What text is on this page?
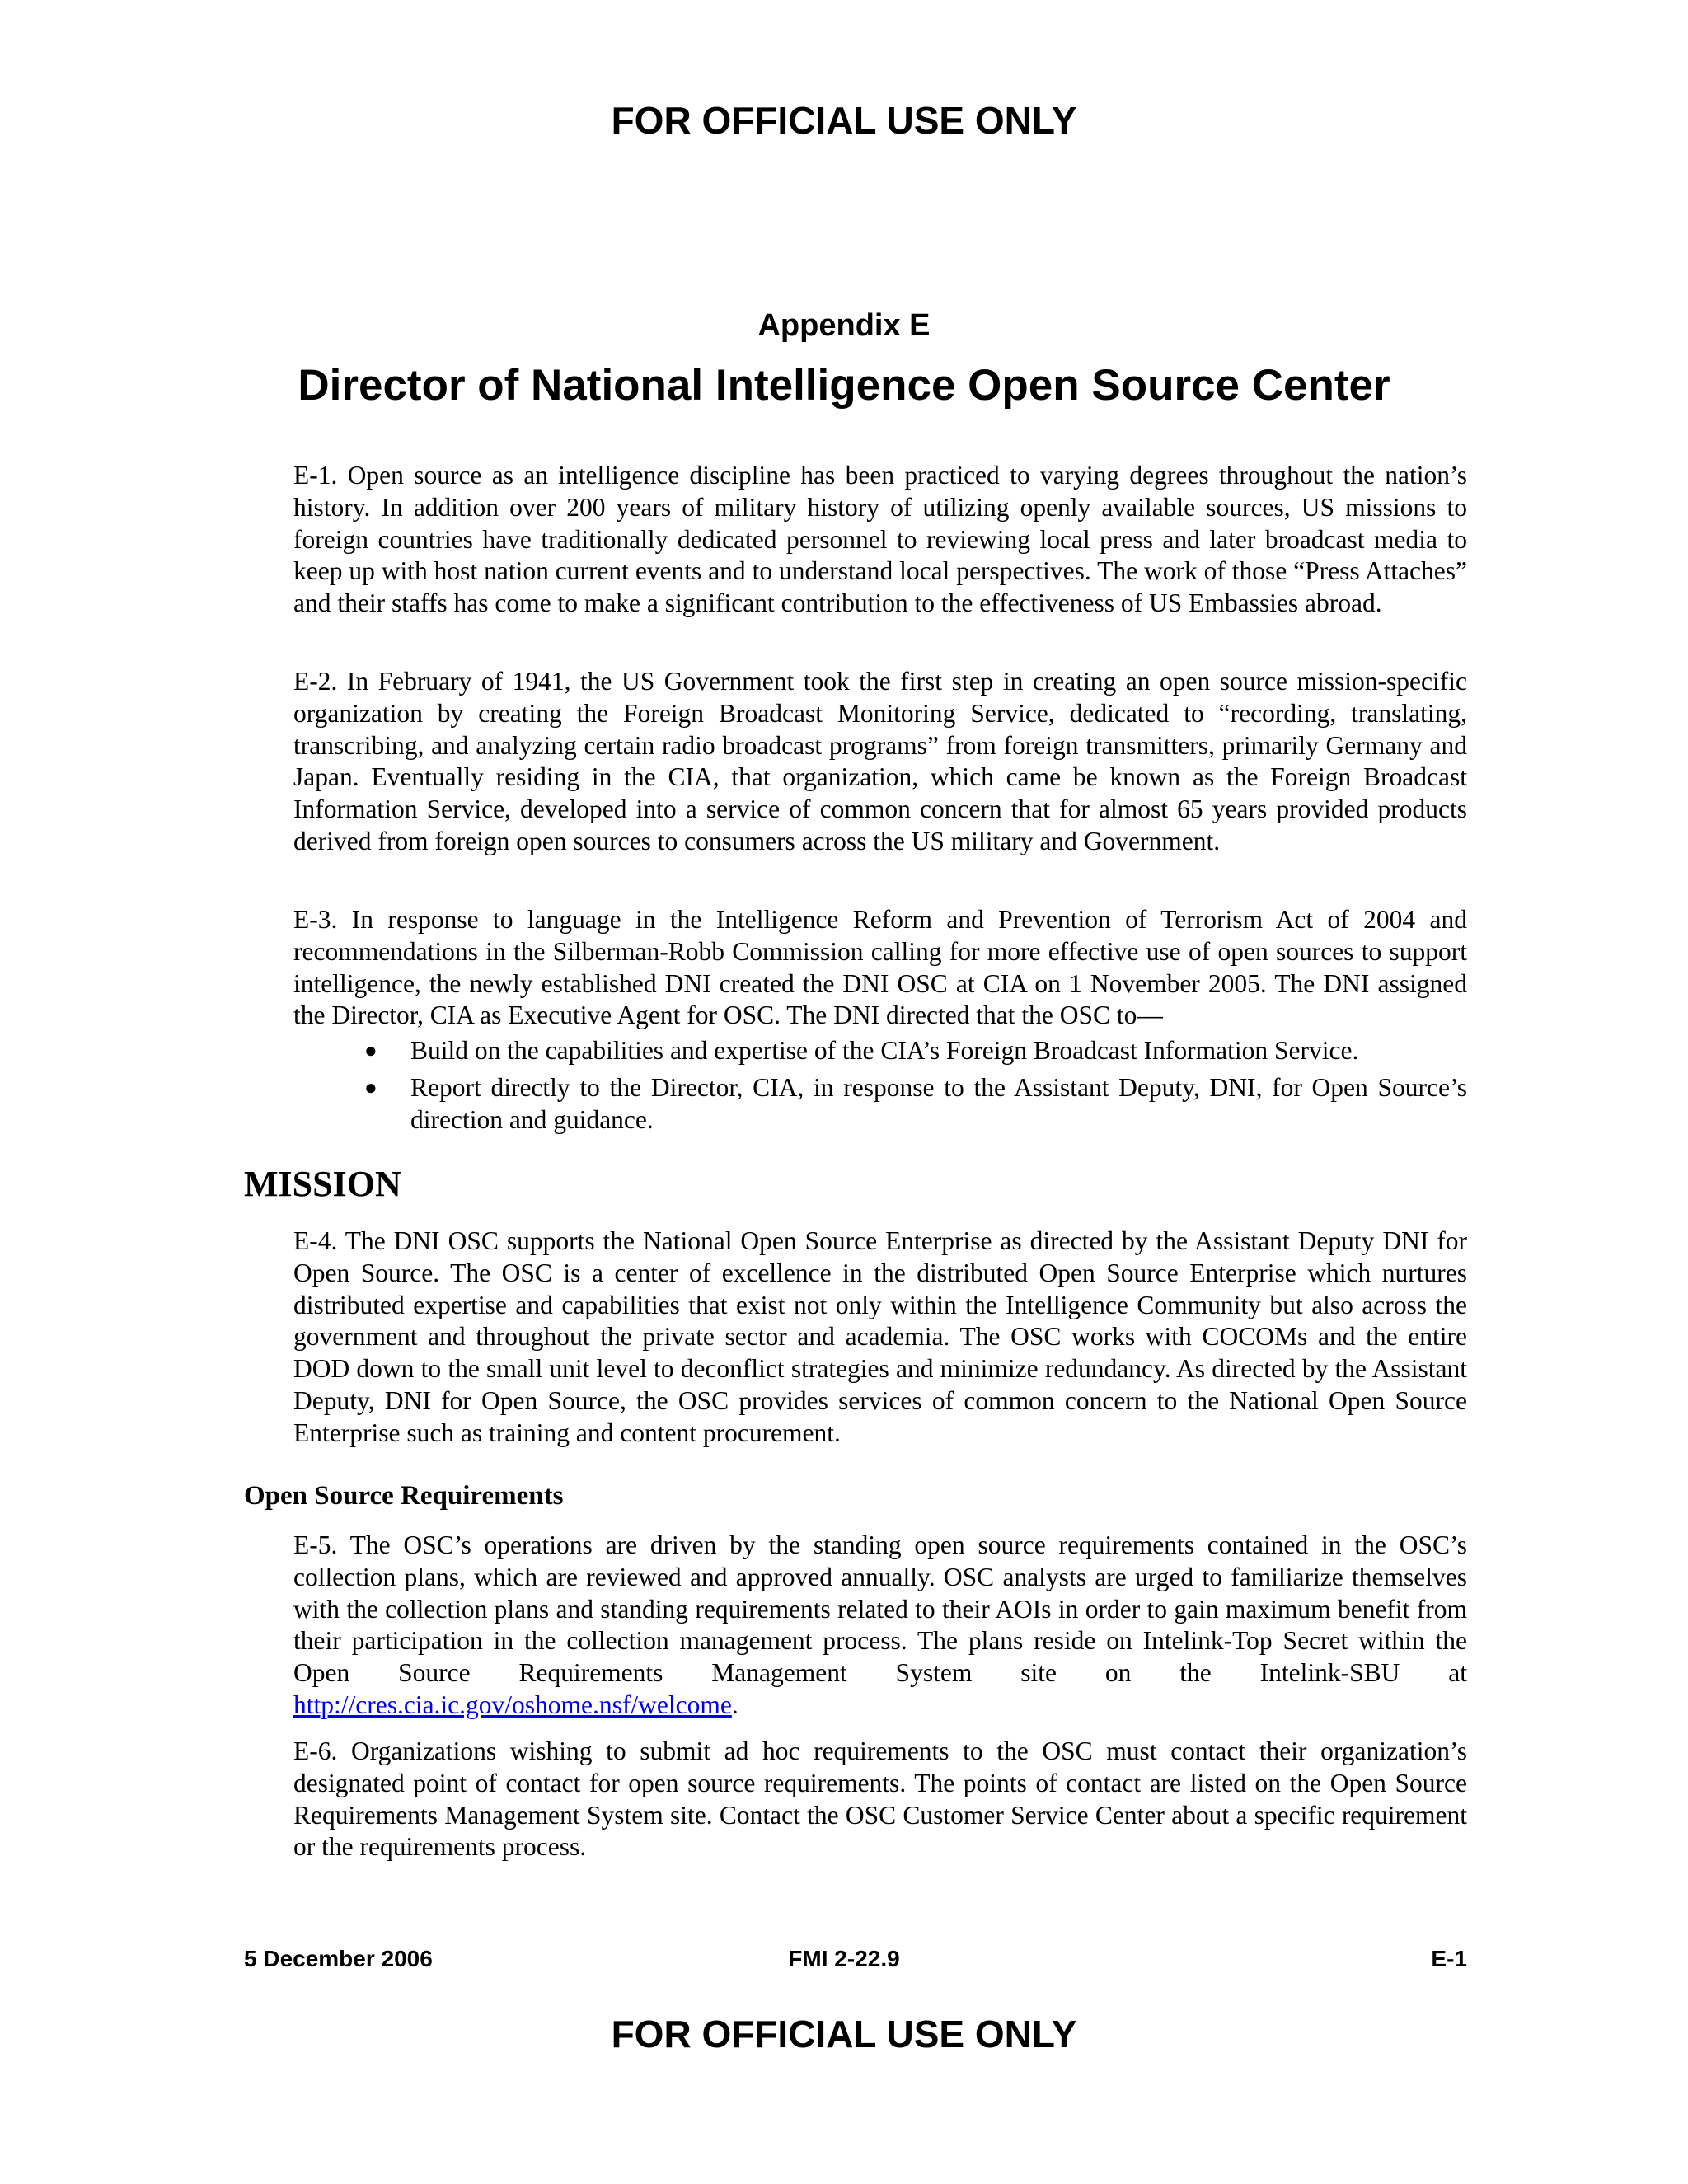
FOR OFFICIAL USE ONLY
Appendix E
Director of National Intelligence Open Source Center

E-1. Open source as an intelligence discipline has been practiced to varying degrees throughout the nation’s history. In addition over 200 years of military history of utilizing openly available sources, US missions to foreign countries have traditionally dedicated personnel to reviewing local press and later broadcast media to keep up with host nation current events and to understand local perspectives. The work of those “Press Attaches” and their staffs has come to make a significant contribution to the effectiveness of US Embassies abroad.

E-2. In February of 1941, the US Government took the first step in creating an open source mission-specific organization by creating the Foreign Broadcast Monitoring Service, dedicated to “recording, translating, transcribing, and analyzing certain radio broadcast programs” from foreign transmitters, primarily Germany and Japan. Eventually residing in the CIA, that organization, which came be known as the Foreign Broadcast Information Service, developed into a service of common concern that for almost 65 years provided products derived from foreign open sources to consumers across the US military and Government.

E-3. In response to language in the Intelligence Reform and Prevention of Terrorism Act of 2004 and recommendations in the Silberman-Robb Commission calling for more effective use of open sources to support intelligence, the newly established DNI created the DNI OSC at CIA on 1 November 2005. The DNI assigned the Director, CIA as Executive Agent for OSC. The DNI directed that the OSC to—

● Build on the capabilities and expertise of the CIA’s Foreign Broadcast Information Service.
● Report directly to the Director, CIA, in response to the Assistant Deputy, DNI, for Open Source’s direction and guidance.
MISSION

E-4. The DNI OSC supports the National Open Source Enterprise as directed by the Assistant Deputy DNI for Open Source. The OSC is a center of excellence in the distributed Open Source Enterprise which nurtures distributed expertise and capabilities that exist not only within the Intelligence Community but also across the government and throughout the private sector and academia. The OSC works with COCOMs and the entire DOD down to the small unit level to deconflict strategies and minimize redundancy. As directed by the Assistant Deputy, DNI for Open Source, the OSC provides services of common concern to the National Open Source Enterprise such as training and content procurement.

Open Source Requirements

E-5. The OSC’s operations are driven by the standing open source requirements contained in the OSC’s collection plans, which are reviewed and approved annually. OSC analysts are urged to familiarize themselves with the collection plans and standing requirements related to their AOIs in order to gain maximum benefit from their participation in the collection management process. The plans reside on Intelink-Top Secret within the Open Source Requirements Management System site on the Intelink-SBU at http://cres.cia.ic.gov/oshome.nsf/welcome.

E-6. Organizations wishing to submit ad hoc requirements to the OSC must contact their organization’s designated point of contact for open source requirements. The points of contact are listed on the Open Source Requirements Management System site. Contact the OSC Customer Service Center about a specific requirement or the requirements process.

5 December 2006	FMI 2-22.9	E-1
FOR OFFICIAL USE ONLY
